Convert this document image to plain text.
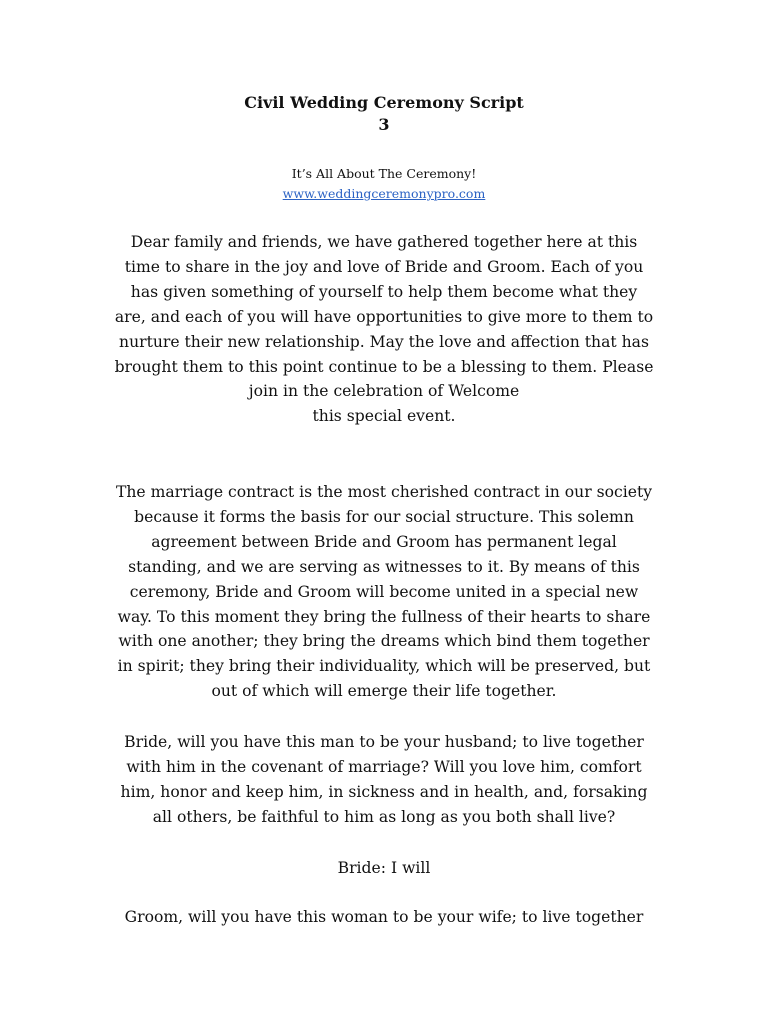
Civil Wedding Ceremony Script
3
It’s All About The Ceremony!
www.weddingceremonypro.com
Dear family and friends, we have gathered together here at this
time to share in the joy and love of Bride and Groom. Each of you
has given something of yourself to help them become what they
are, and each of you will have opportunities to give more to them to
nurture their new relationship. May the love and affection that has
brought them to this point continue to be a blessing to them. Please
join in the celebration of Welcome
this special event.
The marriage contract is the most cherished contract in our society
because it forms the basis for our social structure. This solemn
agreement between Bride and Groom has permanent legal
standing, and we are serving as witnesses to it. By means of this
ceremony, Bride and Groom will become united in a special new
way. To this moment they bring the fullness of their hearts to share
with one another; they bring the dreams which bind them together
in spirit; they bring their individuality, which will be preserved, but
out of which will emerge their life together.
Bride, will you have this man to be your husband; to live together
with him in the covenant of marriage? Will you love him, comfort
him, honor and keep him, in sickness and in health, and, forsaking
all others, be faithful to him as long as you both shall live?
Bride: I will
Groom, will you have this woman to be your wife; to live together
